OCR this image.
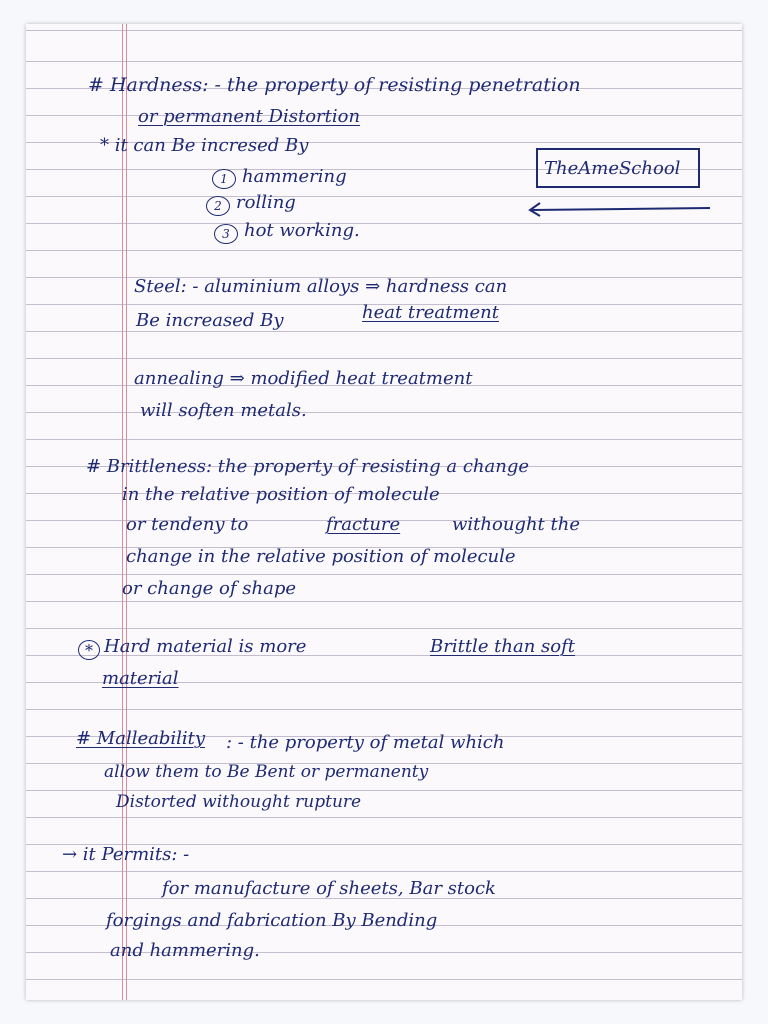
# Hardness: - the property of resisting penetration
or permanent Distortion
* it can Be incresed By
1 hammering
2 rolling
3 hot working.
TheAmeSchool
Steel: - aluminium alloys ⇒ hardness can
Be increased By	heat treatment
annealing ⇒ modified heat treatment
will soften metals.
# Brittleness: the property of resisting a change
in the relative position of molecule
or tendeny to	fracture	withought the
change in the relative position of molecule
or change of shape
* Hard material is more	Brittle than soft
material
# Malleability : - the property of metal which
allow them to Be Bent or permanenty
Distorted withought rupture
→ it Permits: -
for manufacture of sheets, Bar stock
forgings and fabrication By Bending
and hammering.
